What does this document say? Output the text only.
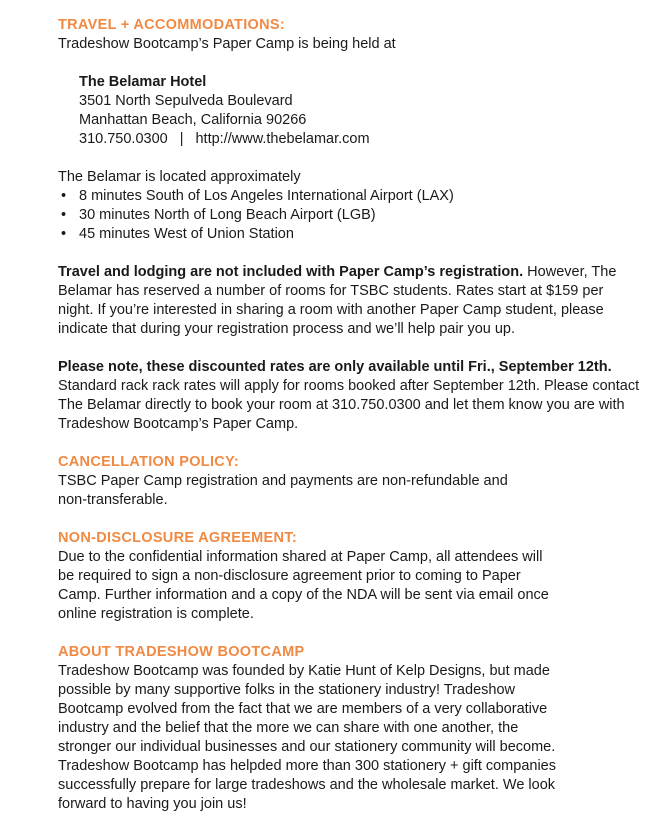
TRAVEL + ACCOMMODATIONS:

Tradeshow Bootcamp’s Paper Camp is being held at

The Belamar Hotel

3501 North Sepulveda Boulevard

Manhattan Beach, California 90266

310.750.0300 | http://www.thebelamar.com

The Belamar is located approximately

• 8 minutes South of Los Angeles International Airport (LAX)
• 30 minutes North of Long Beach Airport (LGB)
• 45 minutes West of Union Station

Travel and lodging are not included with Paper Camp’s registration. However, The Belamar has reserved a number of rooms for TSBC students. Rates start at $159 per night. If you’re interested in sharing a room with another Paper Camp student, please indicate that during your registration process and we’ll help pair you up.

Please note, these discounted rates are only available until Fri., September 12th. Standard rack rack rates will apply for rooms booked after September 12th. Please contact The Belamar directly to book your room at 310.750.0300 and let them know you are with Tradeshow Bootcamp’s Paper Camp.

CANCELLATION POLICY:

TSBC Paper Camp registration and payments are non-refundable and

non-transferable.

NON-DISCLOSURE AGREEMENT:

Due to the confidential information shared at Paper Camp, all attendees will

be required to sign a non-disclosure agreement prior to coming to Paper

Camp. Further information and a copy of the NDA will be sent via email once

online registration is complete.

ABOUT TRADESHOW BOOTCAMP

Tradeshow Bootcamp was founded by Katie Hunt of Kelp Designs, but made

possible by many supportive folks in the stationery industry! Tradeshow

Bootcamp evolved from the fact that we are members of a very collaborative

industry and the belief that the more we can share with one another, the

stronger our individual businesses and our stationery community will become.

Tradeshow Bootcamp has helpded more than 300 stationery + gift companies

successfully prepare for large tradeshows and the wholesale market. We look

forward to having you join us!
